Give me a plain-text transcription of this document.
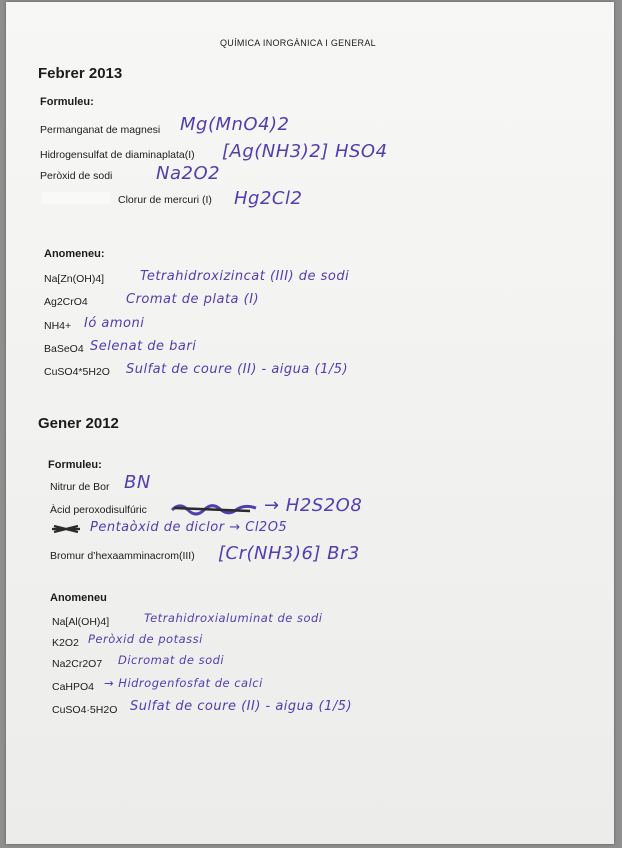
QUÍMICA INORGÀNICA I GENERAL
Febrer 2013
Formuleu:
Permanganat de magnesi Mg(MnO4)2
Hidrogensulfat de diaminaplata(I) [Ag(NH3)2] HSO4
Peròxid de sodi Na2O2
Clorur de mercuri (I) Hg2Cl2
Anomeneu:
Na[Zn(OH)4]	Tetrahidroxizincat (III) de sodi
Ag2CrO4	Cromat de plata (I)
NH4+ Ió amoni
BaSeO4 Selenat de bari
CuSO4*5H2O Sulfat de coure (II) - aigua (1/5)
Gener 2012
Formuleu:
Nitrur de Bor BN
Àcid peroxodisulfúric	→ H2S2O8
Pentaòxid de diclor → Cl2O5
Bromur d’hexaamminacrom(III) [Cr(NH3)6] Br3
Anomeneu
Na[Al(OH)4]	Tetrahidroxialuminat de sodi
K2O2 Peròxid de potassi
Na2Cr2O7 Dicromat de sodi
CaHPO4 → Hidrogenfosfat de calci
CuSO4·5H2O Sulfat de coure (II) - aigua (1/5)
